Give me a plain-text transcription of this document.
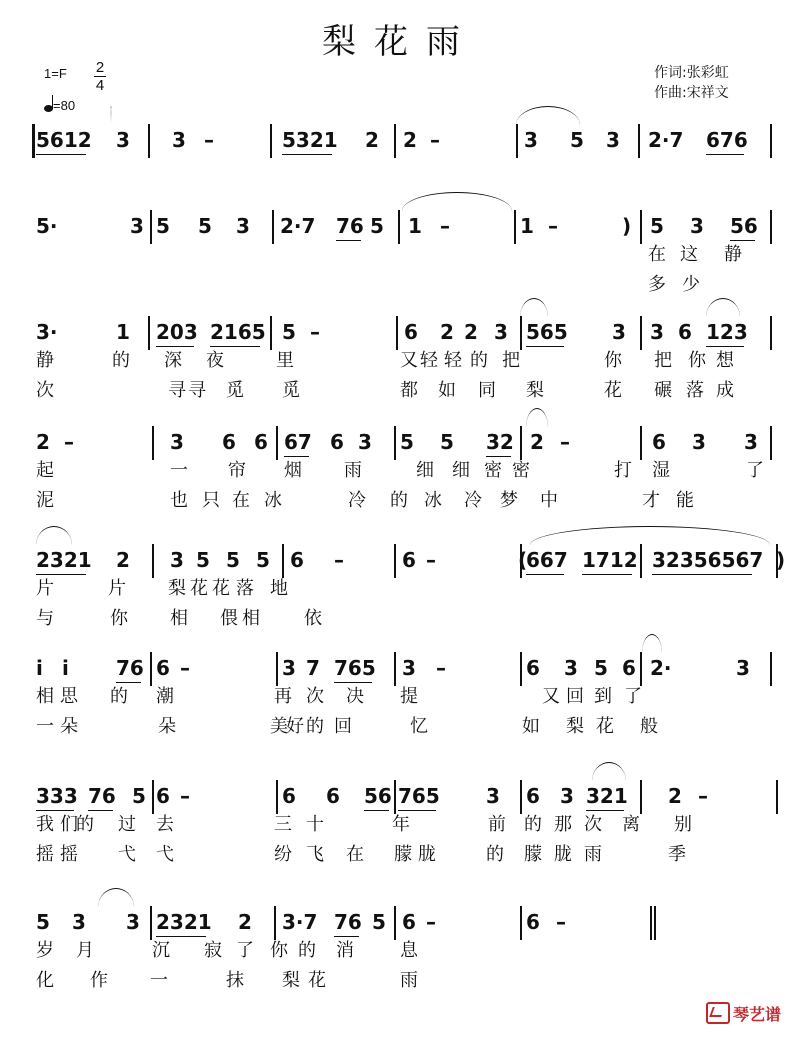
梨花雨
1=F 2
4
=80
作词:张彩虹
作曲:宋祥文
5612 3 3 –	5321 2 2 –	3 5 3 2·7 676
5·	3 5 5 3 2·7 76 5 1 –	1 –	) 5 3 56
在 这 静
多 少
3·	1 203 2165 5 –	6 2 2 3 565 3 3 6 123
静	的 深 夜	里	又 轻 轻 的 把	你 把 你 想
次	寻 寻 觅 觅	都 如 同 梨	花 碾 落 成
2 –	3 6 6 67 6 3 5 5 32 2 –	6 3 3
起	一 帘 烟 雨	细 细 密 密	打 湿	了
泥	也 只 在 冰	冷 的 冰 冷 梦 中	才 能
2321 2 3 5 5 5 6 –	6 –	(
667 1712 32356567 )
片	片 梨 花 花 落 地
与	你 相 偎 相 依
i i 76 6 –	3 7 765 3 –	6 3 5 6 2·	3
相 思 的 潮	再 次 决 提	又 回 到 了
一 朵	朵	美
好 的 回	忆	如 梨 花 般
333 76 5 6 –	6 6 56 765 3 6 3 321 2 –
我 们
的 过 去	三 十	年	前 的 那 次 离 别
摇 摇 弋 弋	纷 飞 在 朦 胧	的 朦 胧 雨	季
5 3 3 2321 2 3·7 76 5 6 –	6 –
岁 月	沉 寂 了 你 的 消	息
化 作 一	抹 梨 花	雨
琴艺谱
